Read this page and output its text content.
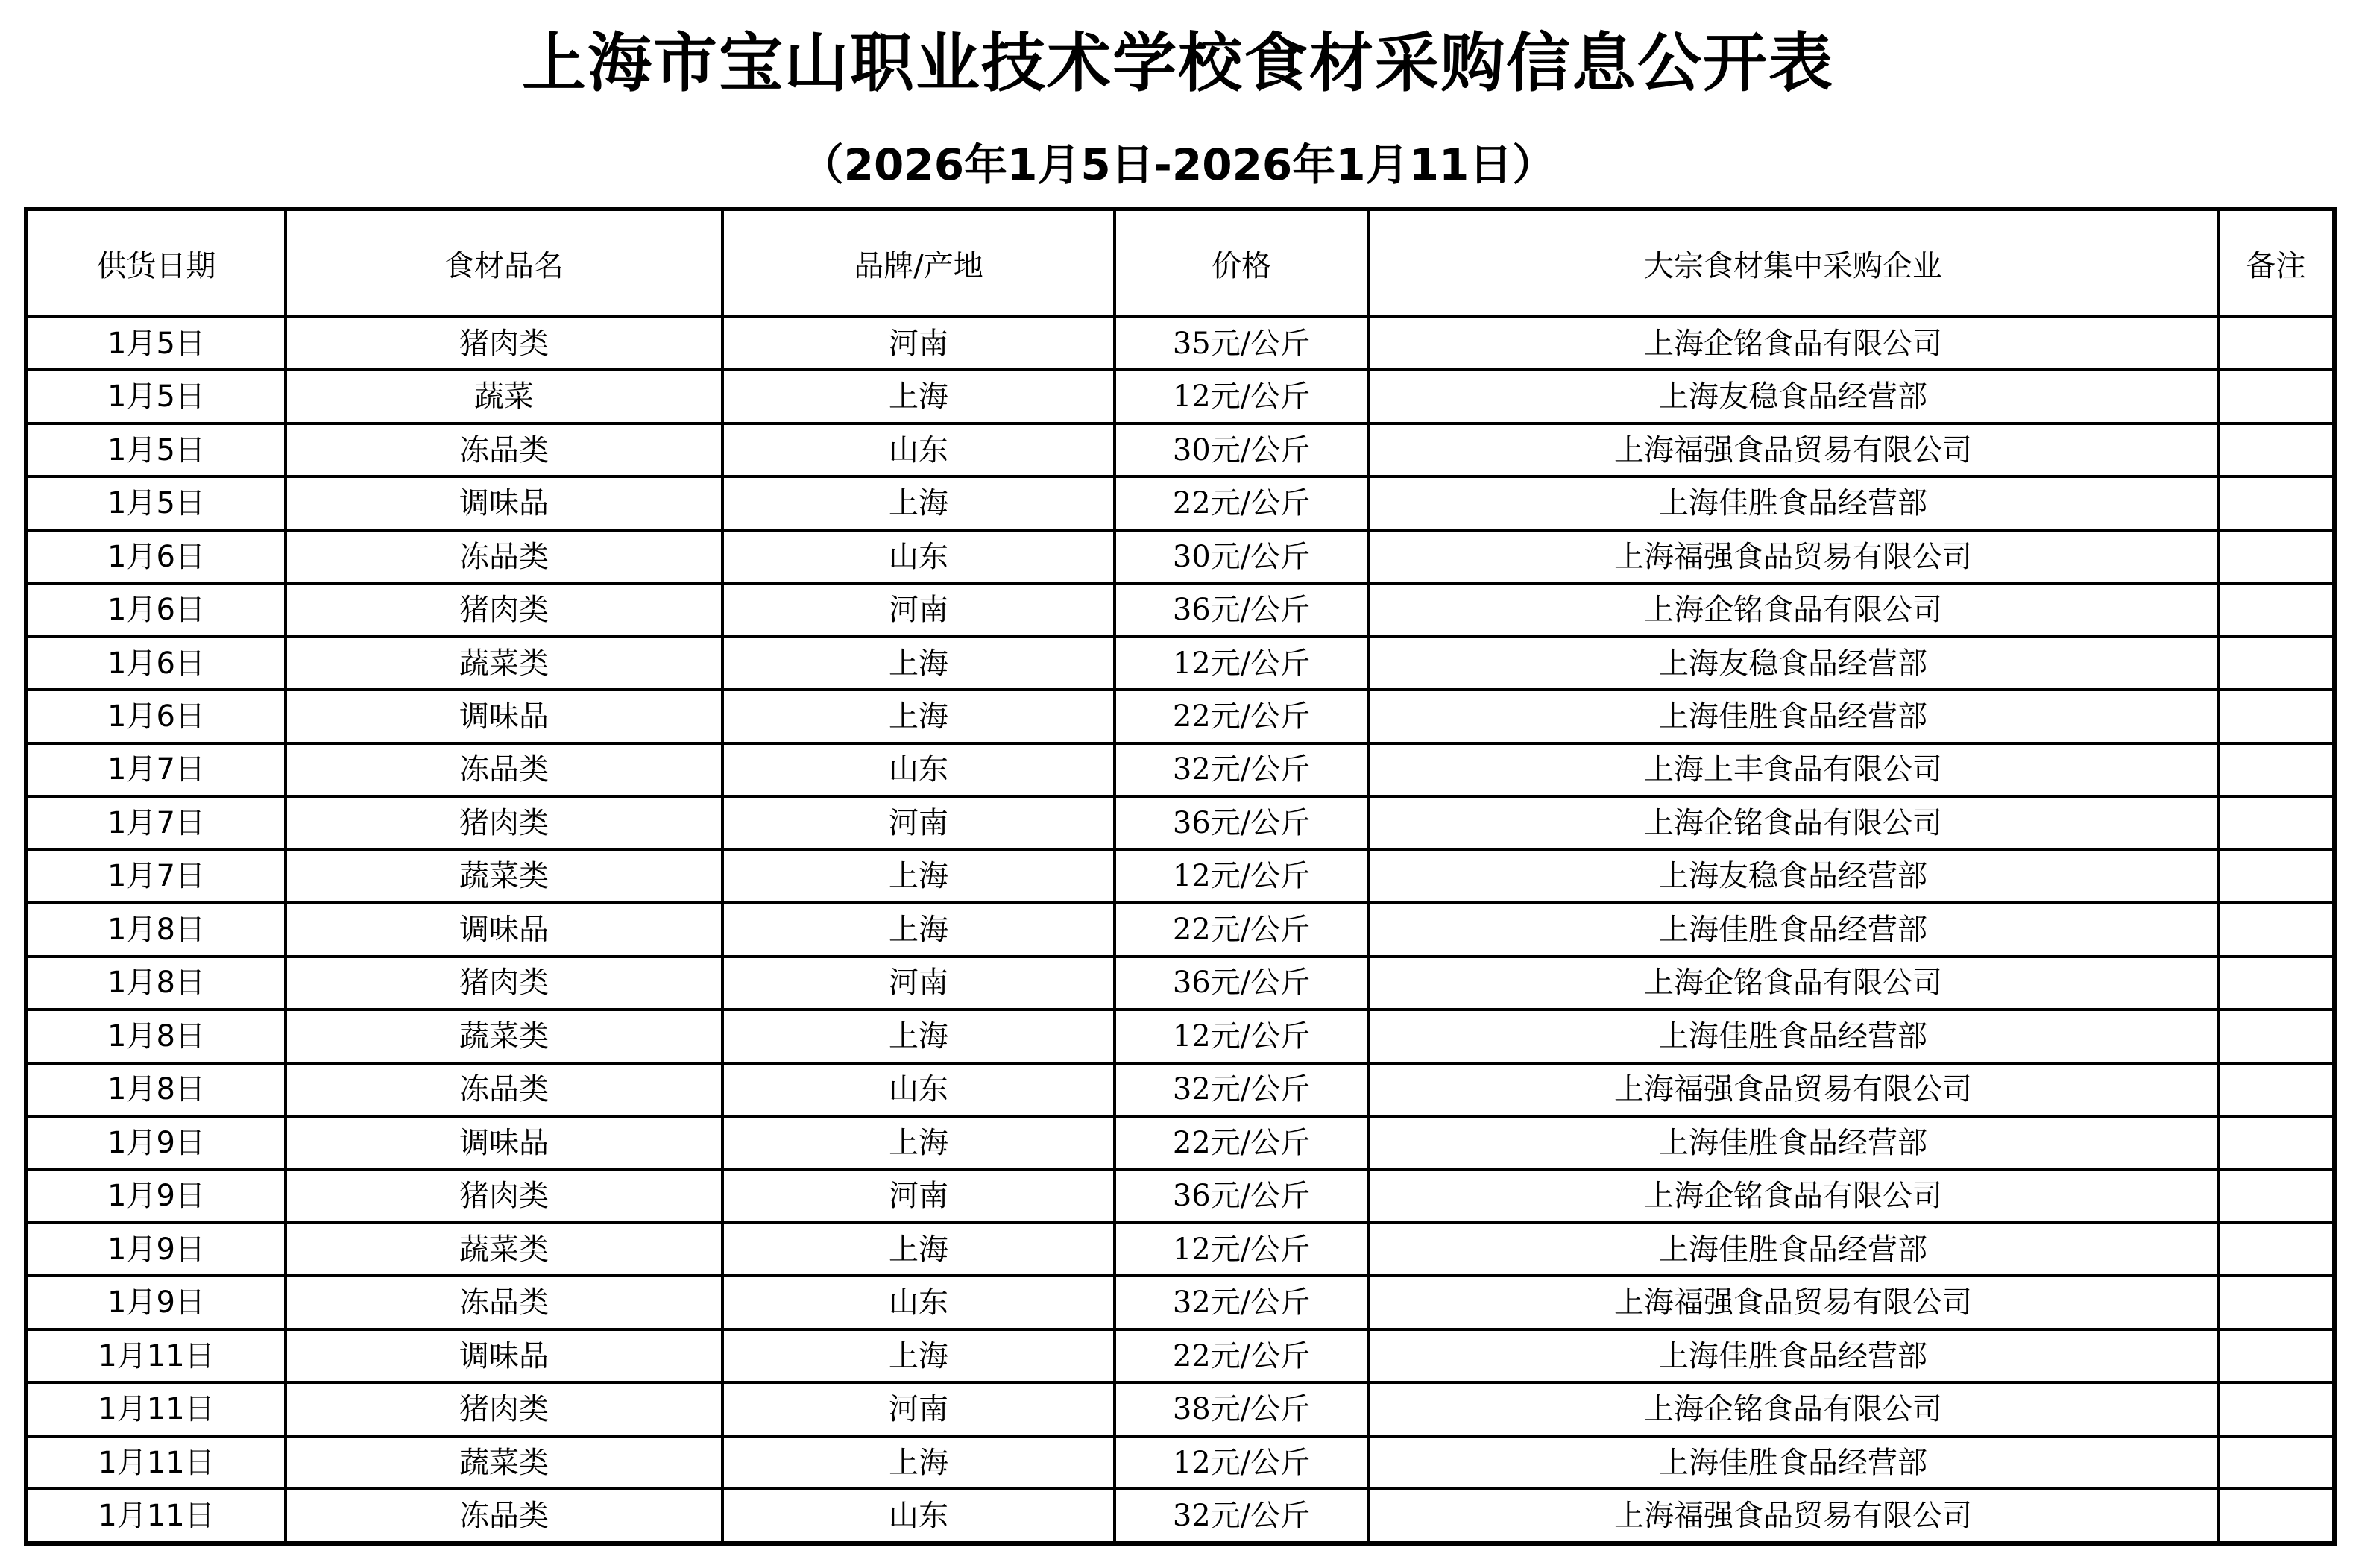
上海市宝山职业技术学校食材采购信息公开表
（2026年1月5日-2026年1月11日）
供货日期	食材品名	品牌/产地	价格	大宗食材集中采购企业	备注
1月5日	猪肉类	河南	35元/公斤	上海企铭食品有限公司	
1月5日	蔬菜	上海	12元/公斤	上海友稳食品经营部	
1月5日	冻品类	山东	30元/公斤	上海福强食品贸易有限公司	
1月5日	调味品	上海	22元/公斤	上海佳胜食品经营部	
1月6日	冻品类	山东	30元/公斤	上海福强食品贸易有限公司	
1月6日	猪肉类	河南	36元/公斤	上海企铭食品有限公司	
1月6日	蔬菜类	上海	12元/公斤	上海友稳食品经营部	
1月6日	调味品	上海	22元/公斤	上海佳胜食品经营部	
1月7日	冻品类	山东	32元/公斤	上海上丰食品有限公司	
1月7日	猪肉类	河南	36元/公斤	上海企铭食品有限公司	
1月7日	蔬菜类	上海	12元/公斤	上海友稳食品经营部	
1月8日	调味品	上海	22元/公斤	上海佳胜食品经营部	
1月8日	猪肉类	河南	36元/公斤	上海企铭食品有限公司	
1月8日	蔬菜类	上海	12元/公斤	上海佳胜食品经营部	
1月8日	冻品类	山东	32元/公斤	上海福强食品贸易有限公司	
1月9日	调味品	上海	22元/公斤	上海佳胜食品经营部	
1月9日	猪肉类	河南	36元/公斤	上海企铭食品有限公司	
1月9日	蔬菜类	上海	12元/公斤	上海佳胜食品经营部	
1月9日	冻品类	山东	32元/公斤	上海福强食品贸易有限公司	
1月11日	调味品	上海	22元/公斤	上海佳胜食品经营部	
1月11日	猪肉类	河南	38元/公斤	上海企铭食品有限公司	
1月11日	蔬菜类	上海	12元/公斤	上海佳胜食品经营部	
1月11日	冻品类	山东	32元/公斤	上海福强食品贸易有限公司	
